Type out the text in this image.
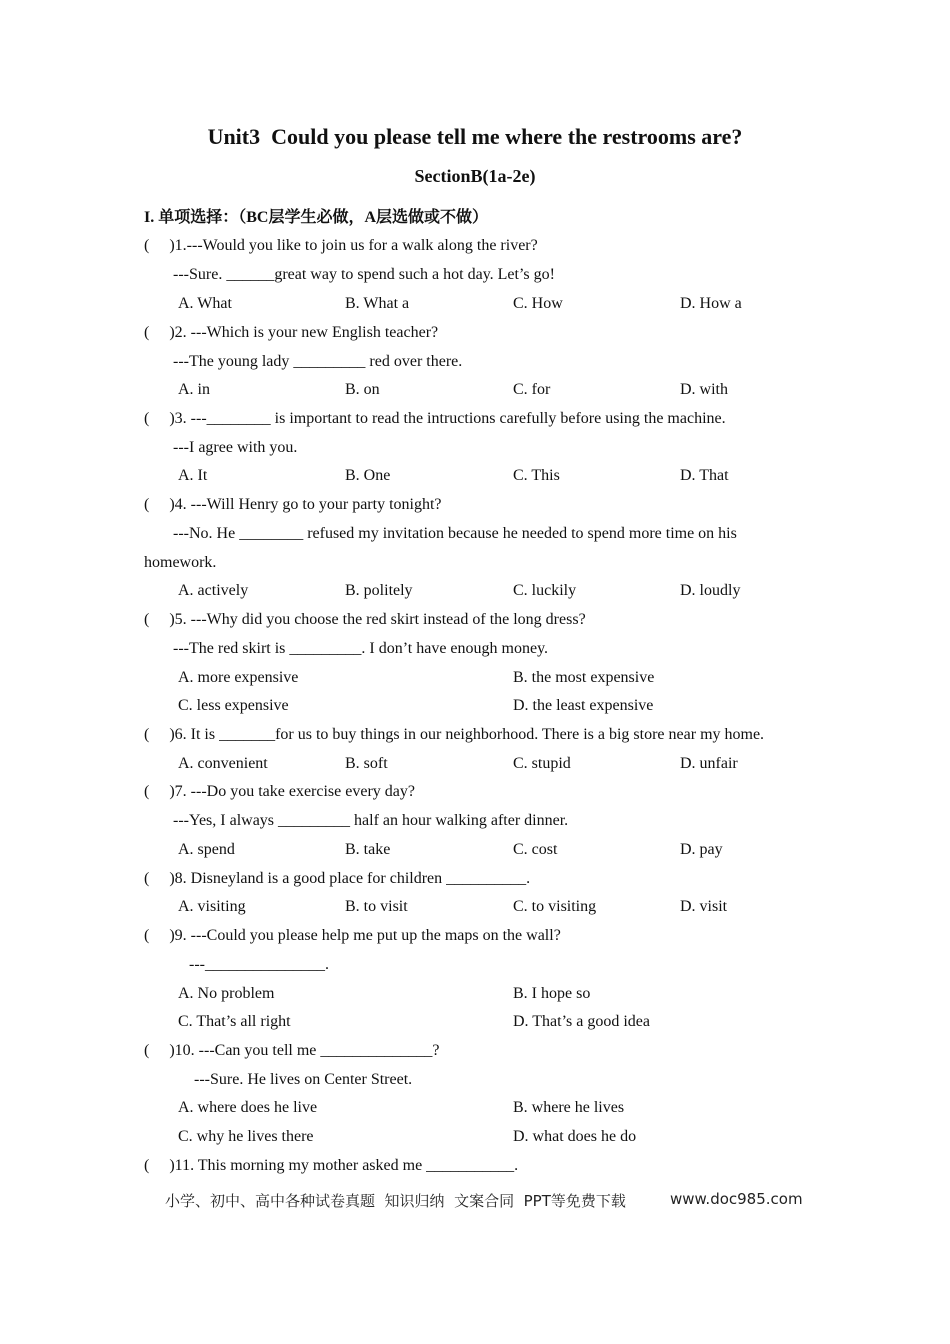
Unit3  Could you please tell me where the restrooms are?
SectionB(1a-2e)
I. 单项选择：（BC层学生必做，A层选做或不做）
(     )1.---Would you like to join us for a walk along the river?
---Sure. ______great way to spend such a hot day. Let’s go!
A. What	B. What a	C. How	D. How a
(     )2. ---Which is your new English teacher?
---The young lady _________ red over there.
A. in	B. on	C. for	D. with
(     )3. ---________ is important to read the intructions carefully before using the machine.
---I agree with you.
A. It	B. One	C. This	D. That
(     )4. ---Will Henry go to your party tonight?
---No. He ________ refused my invitation because he needed to spend more time on his
homework.
A. actively	B. politely	C. luckily	D. loudly
(     )5. ---Why did you choose the red skirt instead of the long dress?
---The red skirt is _________. I don’t have enough money.
A. more expensive	B. the most expensive
C. less expensive	D. the least expensive
(     )6. It is _______for us to buy things in our neighborhood. There is a big store near my home.
A. convenient	B. soft	C. stupid	D. unfair
(     )7. ---Do you take exercise every day?
---Yes, I always _________ half an hour walking after dinner.
A. spend	B. take	C. cost	D. pay
(     )8. Disneyland is a good place for children __________.
A. visiting	B. to visit	C. to visiting	D. visit
(     )9. ---Could you please help me put up the maps on the wall?
---_______________.
A. No problem	B. I hope so
C. That’s all right	D. That’s a good idea
(     )10. ---Can you tell me ______________?
---Sure. He lives on Center Street.
A. where does he live	B. where he lives
C. why he lives there	D. what does he do
(     )11. This morning my mother asked me ___________.
小学、初中、高中各种试卷真题  知识归纳  文案合同  PPT等免费下载	www.doc985.com
